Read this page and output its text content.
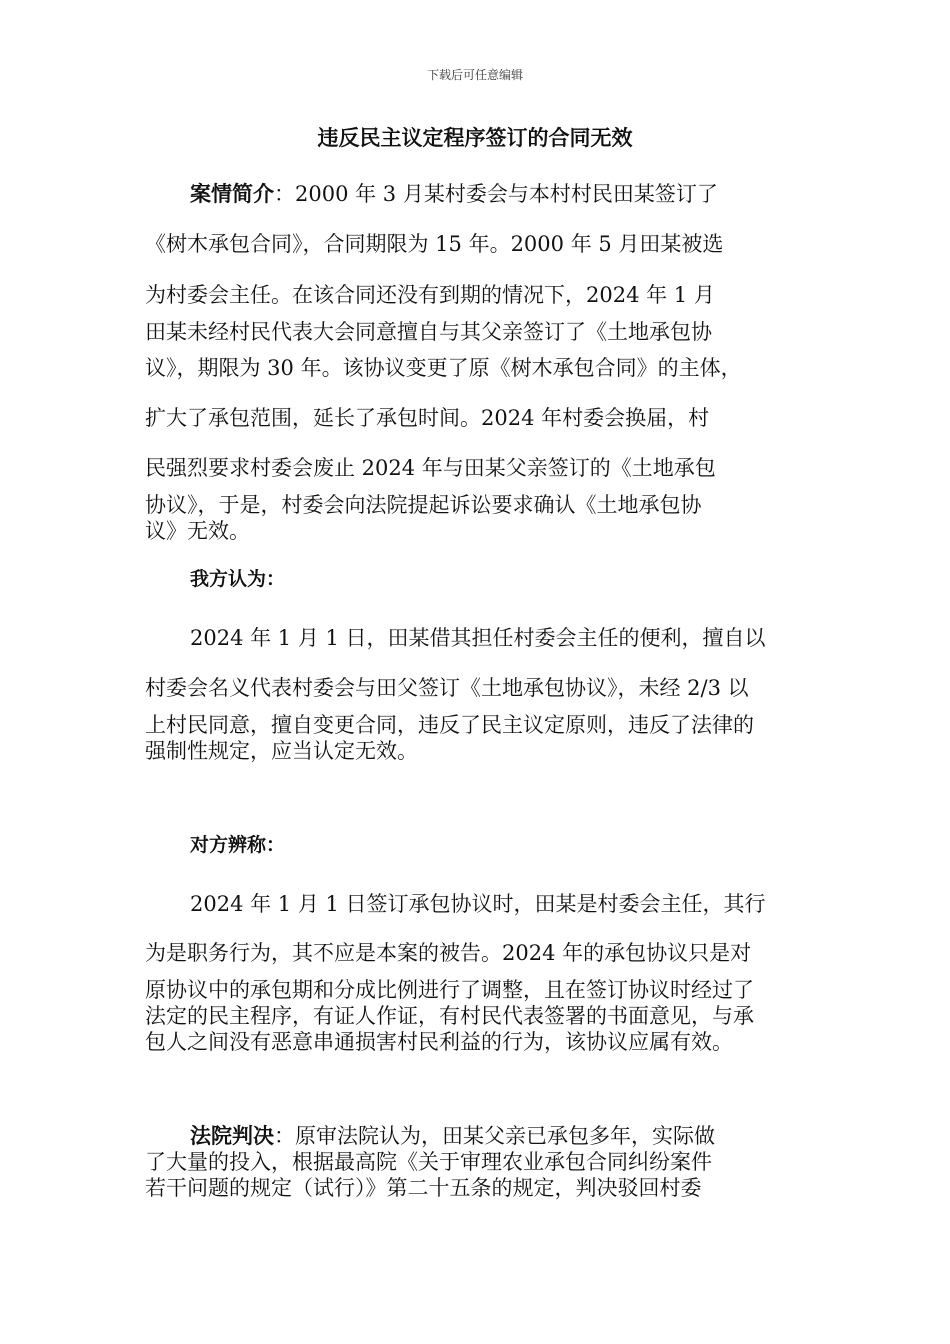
下载后可任意编辑
违反民主议定程序签订的合同无效
案情简介：2000 年 3 月某村委会与本村村民田某签订了
《树木承包合同》，合同期限为 15 年。2000 年 5 月田某被选
为村委会主任。在该合同还没有到期的情况下，2024 年 1 月
田某未经村民代表大会同意擅自与其父亲签订了《土地承包协
议》，期限为 30 年。该协议变更了原《树木承包合同》的主体，
扩大了承包范围，延长了承包时间。2024 年村委会换届，村
民强烈要求村委会废止 2024 年与田某父亲签订的《土地承包
协议》，于是，村委会向法院提起诉讼要求确认《土地承包协
议》无效。
我方认为：
2024 年 1 月 1 日，田某借其担任村委会主任的便利，擅自以
村委会名义代表村委会与田父签订《土地承包协议》，未经 2/3 以
上村民同意，擅自变更合同，违反了民主议定原则，违反了法律的
强制性规定，应当认定无效。
对方辨称：
2024 年 1 月 1 日签订承包协议时，田某是村委会主任，其行
为是职务行为，其不应是本案的被告。2024 年的承包协议只是对
原协议中的承包期和分成比例进行了调整，且在签订协议时经过了
法定的民主程序，有证人作证，有村民代表签署的书面意见，与承
包人之间没有恶意串通损害村民利益的行为，该协议应属有效。
法院判决：原审法院认为，田某父亲已承包多年，实际做
了大量的投入，根据最高院《关于审理农业承包合同纠纷案件
若干问题的规定（试行）》第二十五条的规定，判决驳回村委
